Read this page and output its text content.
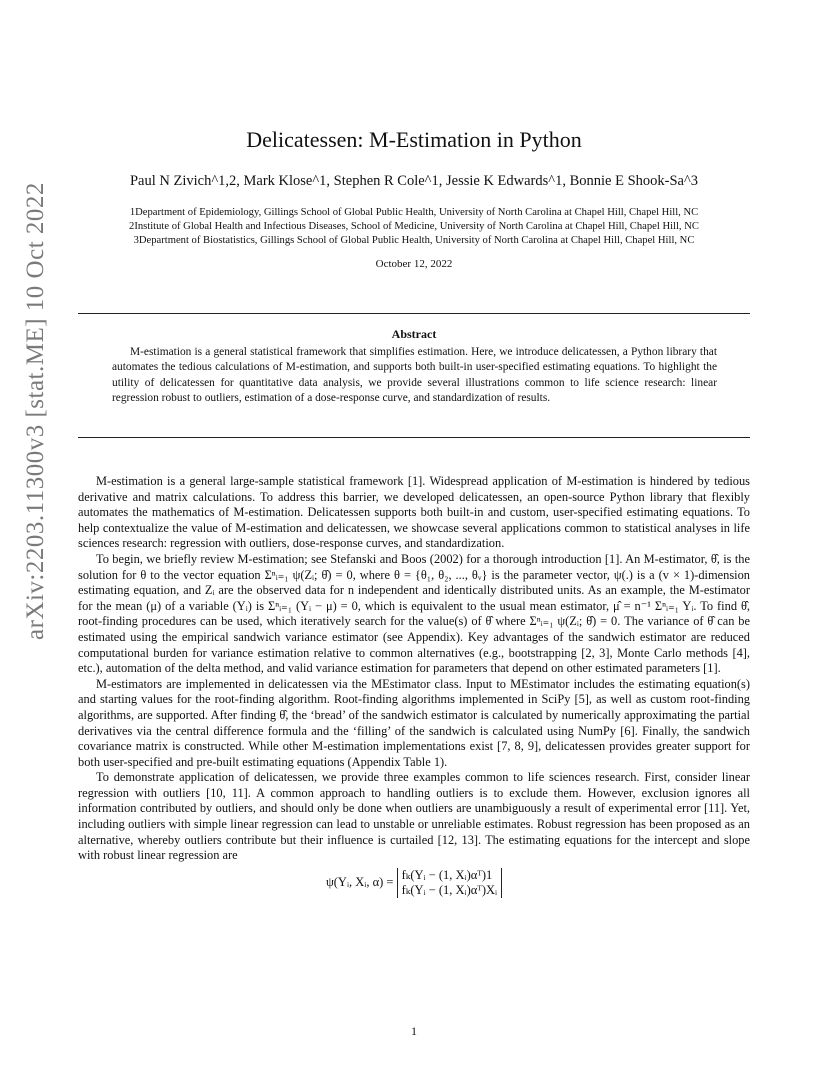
arXiv:2203.11300v3 [stat.ME] 10 Oct 2022
Delicatessen: M-Estimation in Python
Paul N Zivich^1,2, Mark Klose^1, Stephen R Cole^1, Jessie K Edwards^1, Bonnie E Shook-Sa^3
1Department of Epidemiology, Gillings School of Global Public Health, University of North Carolina at Chapel Hill, Chapel Hill, NC
2Institute of Global Health and Infectious Diseases, School of Medicine, University of North Carolina at Chapel Hill, Chapel Hill, NC
3Department of Biostatistics, Gillings School of Global Public Health, University of North Carolina at Chapel Hill, Chapel Hill, NC
October 12, 2022
Abstract
M-estimation is a general statistical framework that simplifies estimation. Here, we introduce delicatessen, a Python library that automates the tedious calculations of M-estimation, and supports both built-in user-specified estimating equations. To highlight the utility of delicatessen for quantitative data analysis, we provide several illustrations common to life science research: linear regression robust to outliers, estimation of a dose-response curve, and standardization of results.

M-estimation is a general large-sample statistical framework [1]. Widespread application of M-estimation is hindered by tedious derivative and matrix calculations. To address this barrier, we developed delicatessen, an open-source Python library that flexibly automates the mathematics of M-estimation. Delicatessen supports both built-in and custom, user-specified estimating equations. To help contextualize the value of M-estimation and delicatessen, we showcase several applications common to statistical analyses in life sciences research: regression with outliers, dose-response curves, and standardization.

To begin, we briefly review M-estimation; see Stefanski and Boos (2002) for a thorough introduction [1]. An M-estimator, θ̂, is the solution for θ to the vector equation Σⁿᵢ₌₁ ψ(Zᵢ; θ̂) = 0, where θ = {θ₁, θ₂, ..., θᵥ} is the parameter vector, ψ(.) is a (v × 1)-dimension estimating equation, and Zᵢ are the observed data for n independent and identically distributed units. As an example, the M-estimator for the mean (μ) of a variable (Yᵢ) is Σⁿᵢ₌₁ (Yᵢ − μ) = 0, which is equivalent to the usual mean estimator, μ̂ = n⁻¹ Σⁿᵢ₌₁ Yᵢ. To find θ̂, root-finding procedures can be used, which iteratively search for the value(s) of θ̂ where Σⁿᵢ₌₁ ψ(Zᵢ; θ̂) = 0. The variance of θ̂ can be estimated using the empirical sandwich variance estimator (see Appendix). Key advantages of the sandwich estimator are reduced computational burden for variance estimation relative to common alternatives (e.g., bootstrapping [2, 3], Monte Carlo methods [4], etc.), automation of the delta method, and valid variance estimation for parameters that depend on other estimated parameters [1].

M-estimators are implemented in delicatessen via the MEstimator class. Input to MEstimator includes the estimating equation(s) and starting values for the root-finding algorithm. Root-finding algorithms implemented in SciPy [5], as well as custom root-finding algorithms, are supported. After finding θ̂, the ‘bread’ of the sandwich estimator is calculated by numerically approximating the partial derivatives via the central difference formula and the ‘filling’ of the sandwich is calculated using NumPy [6]. Finally, the sandwich covariance matrix is constructed. While other M-estimation implementations exist [7, 8, 9], delicatessen provides greater support for both user-specified and pre-built estimating equations (Appendix Table 1).

To demonstrate application of delicatessen, we provide three examples common to life sciences research. First, consider linear regression with outliers [10, 11]. A common approach to handling outliers is to exclude them. However, exclusion ignores all information contributed by outliers, and should only be done when outliers are unambiguously a result of experimental error [11]. Yet, including outliers with simple linear regression can lead to unstable or unreliable estimates. Robust regression has been proposed as an alternative, whereby outliers contribute but their influence is curtailed [12, 13]. The estimating equations for the intercept and slope with robust linear regression are

ψ(Yᵢ, Xᵢ, α) = fₖ(Yᵢ − (1, Xᵢ)αᵀ)1
fₖ(Yᵢ − (1, Xᵢ)αᵀ)Xᵢ
1
